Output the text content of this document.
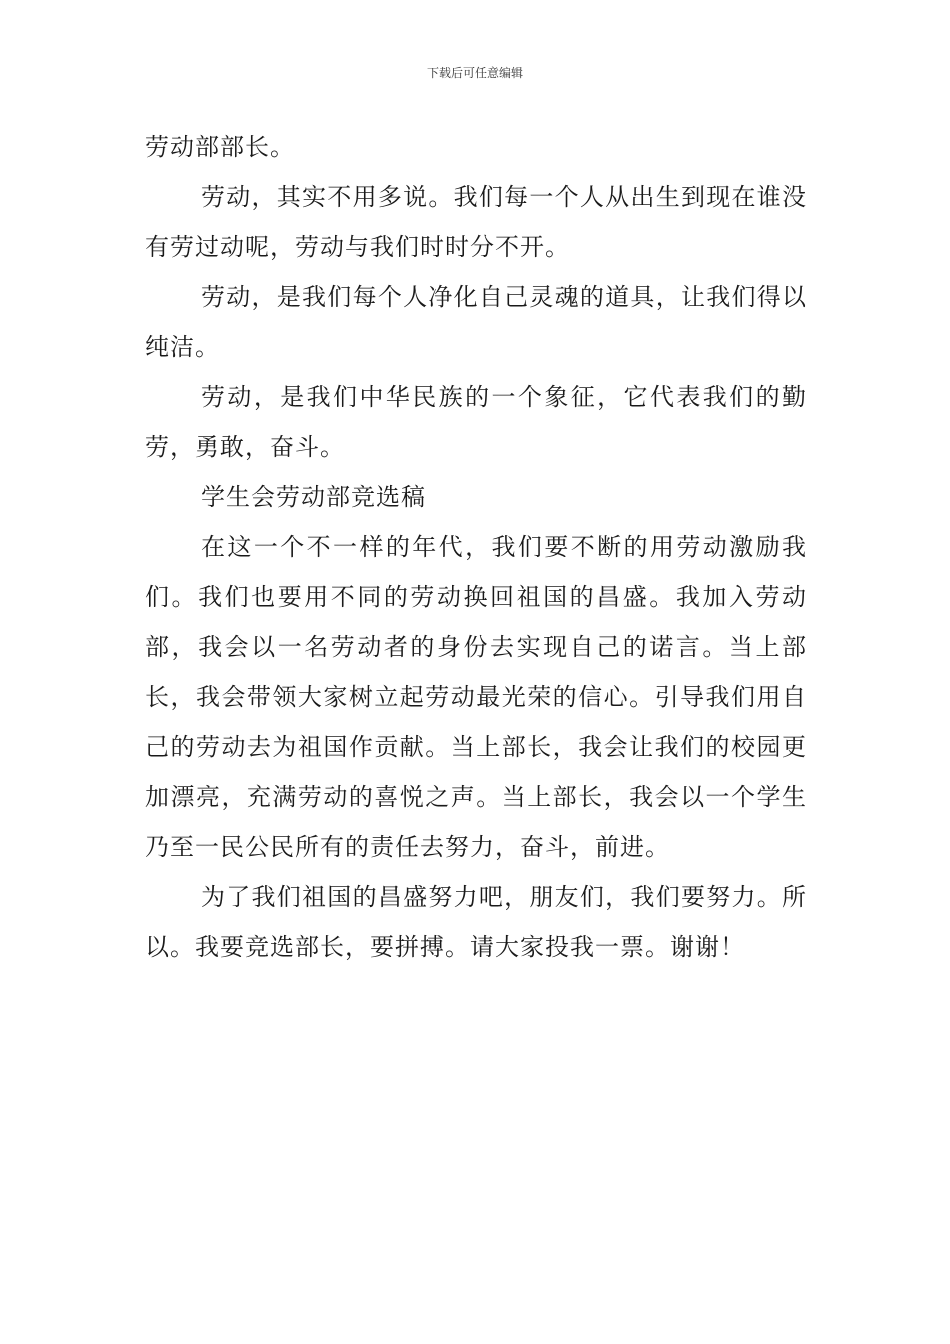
下载后可任意编辑

劳动部部长。

劳动，其实不用多说。我们每一个人从出生到现在谁没有劳过动呢，劳动与我们时时分不开。

劳动，是我们每个人净化自己灵魂的道具，让我们得以纯洁。

劳动，是我们中华民族的一个象征，它代表我们的勤劳，勇敢，奋斗。

学生会劳动部竞选稿

在这一个不一样的年代，我们要不断的用劳动激励我们。我们也要用不同的劳动换回祖国的昌盛。我加入劳动部，我会以一名劳动者的身份去实现自己的诺言。当上部长，我会带领大家树立起劳动最光荣的信心。引导我们用自己的劳动去为祖国作贡献。当上部长，我会让我们的校园更加漂亮，充满劳动的喜悦之声。当上部长，我会以一个学生乃至一民公民所有的责任去努力，奋斗，前进。

为了我们祖国的昌盛努力吧，朋友们，我们要努力。所以。我要竞选部长，要拼搏。请大家投我一票。谢谢！
